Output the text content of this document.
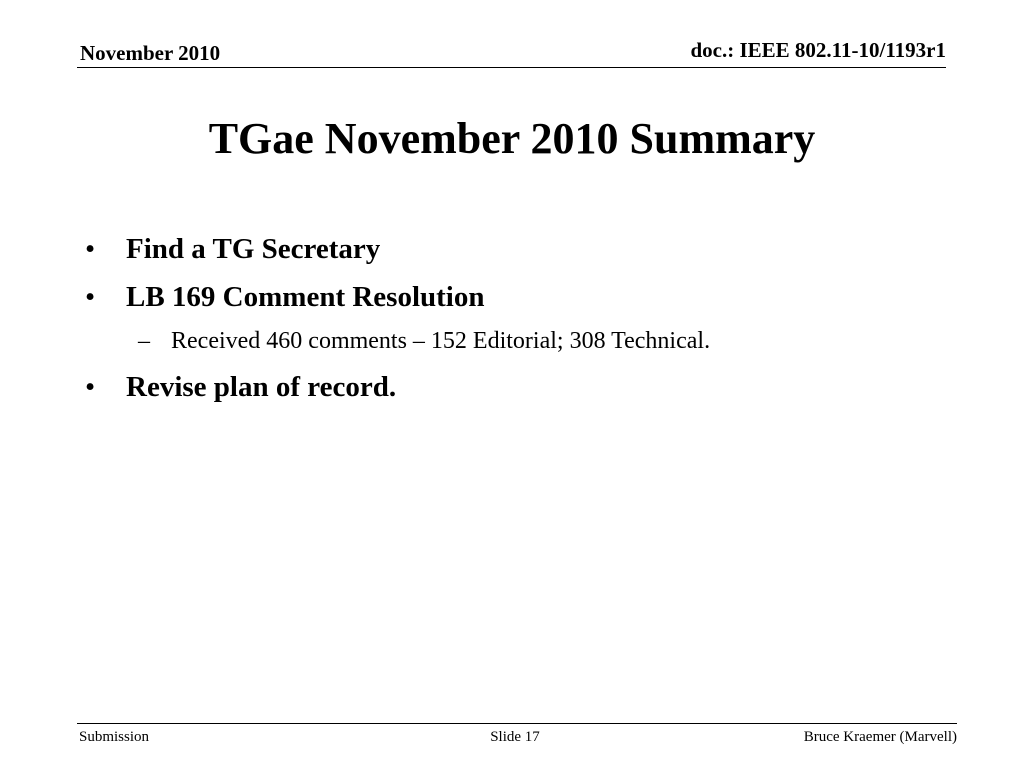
November 2010	doc.: IEEE 802.11-10/1193r1
TGae November 2010 Summary
• Find a TG Secretary
• LB 169 Comment Resolution
– Received 460 comments – 152 Editorial; 308 Technical.
• Revise plan of record.
Submission	Slide 17	Bruce Kraemer (Marvell)
